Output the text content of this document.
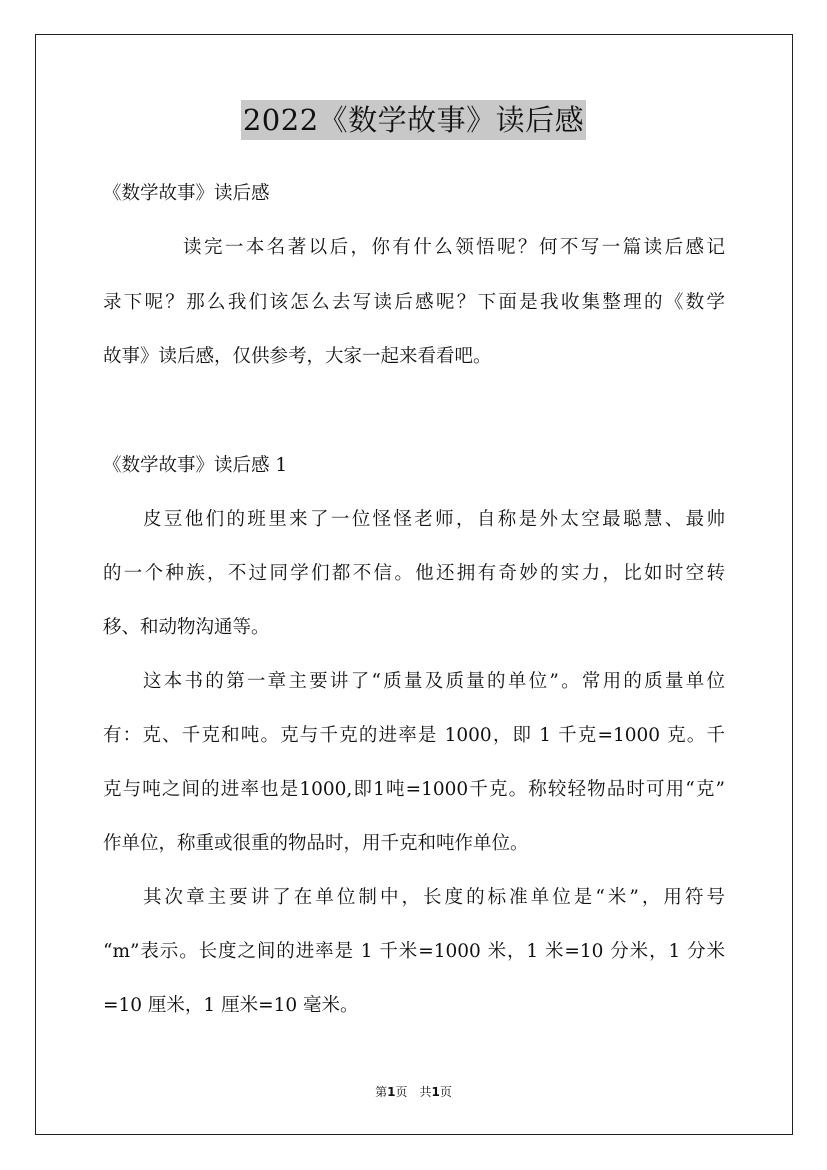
2022《数学故事》读后感
《数学故事》读后感
读完一本名著以后，你有什么领悟呢？何不写一篇读后感记
录下呢？那么我们该怎么去写读后感呢？下面是我收集整理的《数学
故事》读后感，仅供参考，大家一起来看看吧。
《数学故事》读后感 1
皮豆他们的班里来了一位怪怪老师，自称是外太空最聪慧、最帅
的一个种族，不过同学们都不信。他还拥有奇妙的实力，比如时空转
移、和动物沟通等。
这本书的第一章主要讲了“质量及质量的单位”。常用的质量单位
有：克、千克和吨。克与千克的进率是 1000，即 1 千克=1000 克。千
克与吨之间的进率也是1000,即1吨=1000千克。称较轻物品时可用“克”
作单位，称重或很重的物品时，用千克和吨作单位。
其次章主要讲了在单位制中，长度的标准单位是“米”，用符号
“m”表示。长度之间的进率是 1 千米=1000 米，1 米=10 分米，1 分米
=10 厘米，1 厘米=10 毫米。
第1页　共1页
